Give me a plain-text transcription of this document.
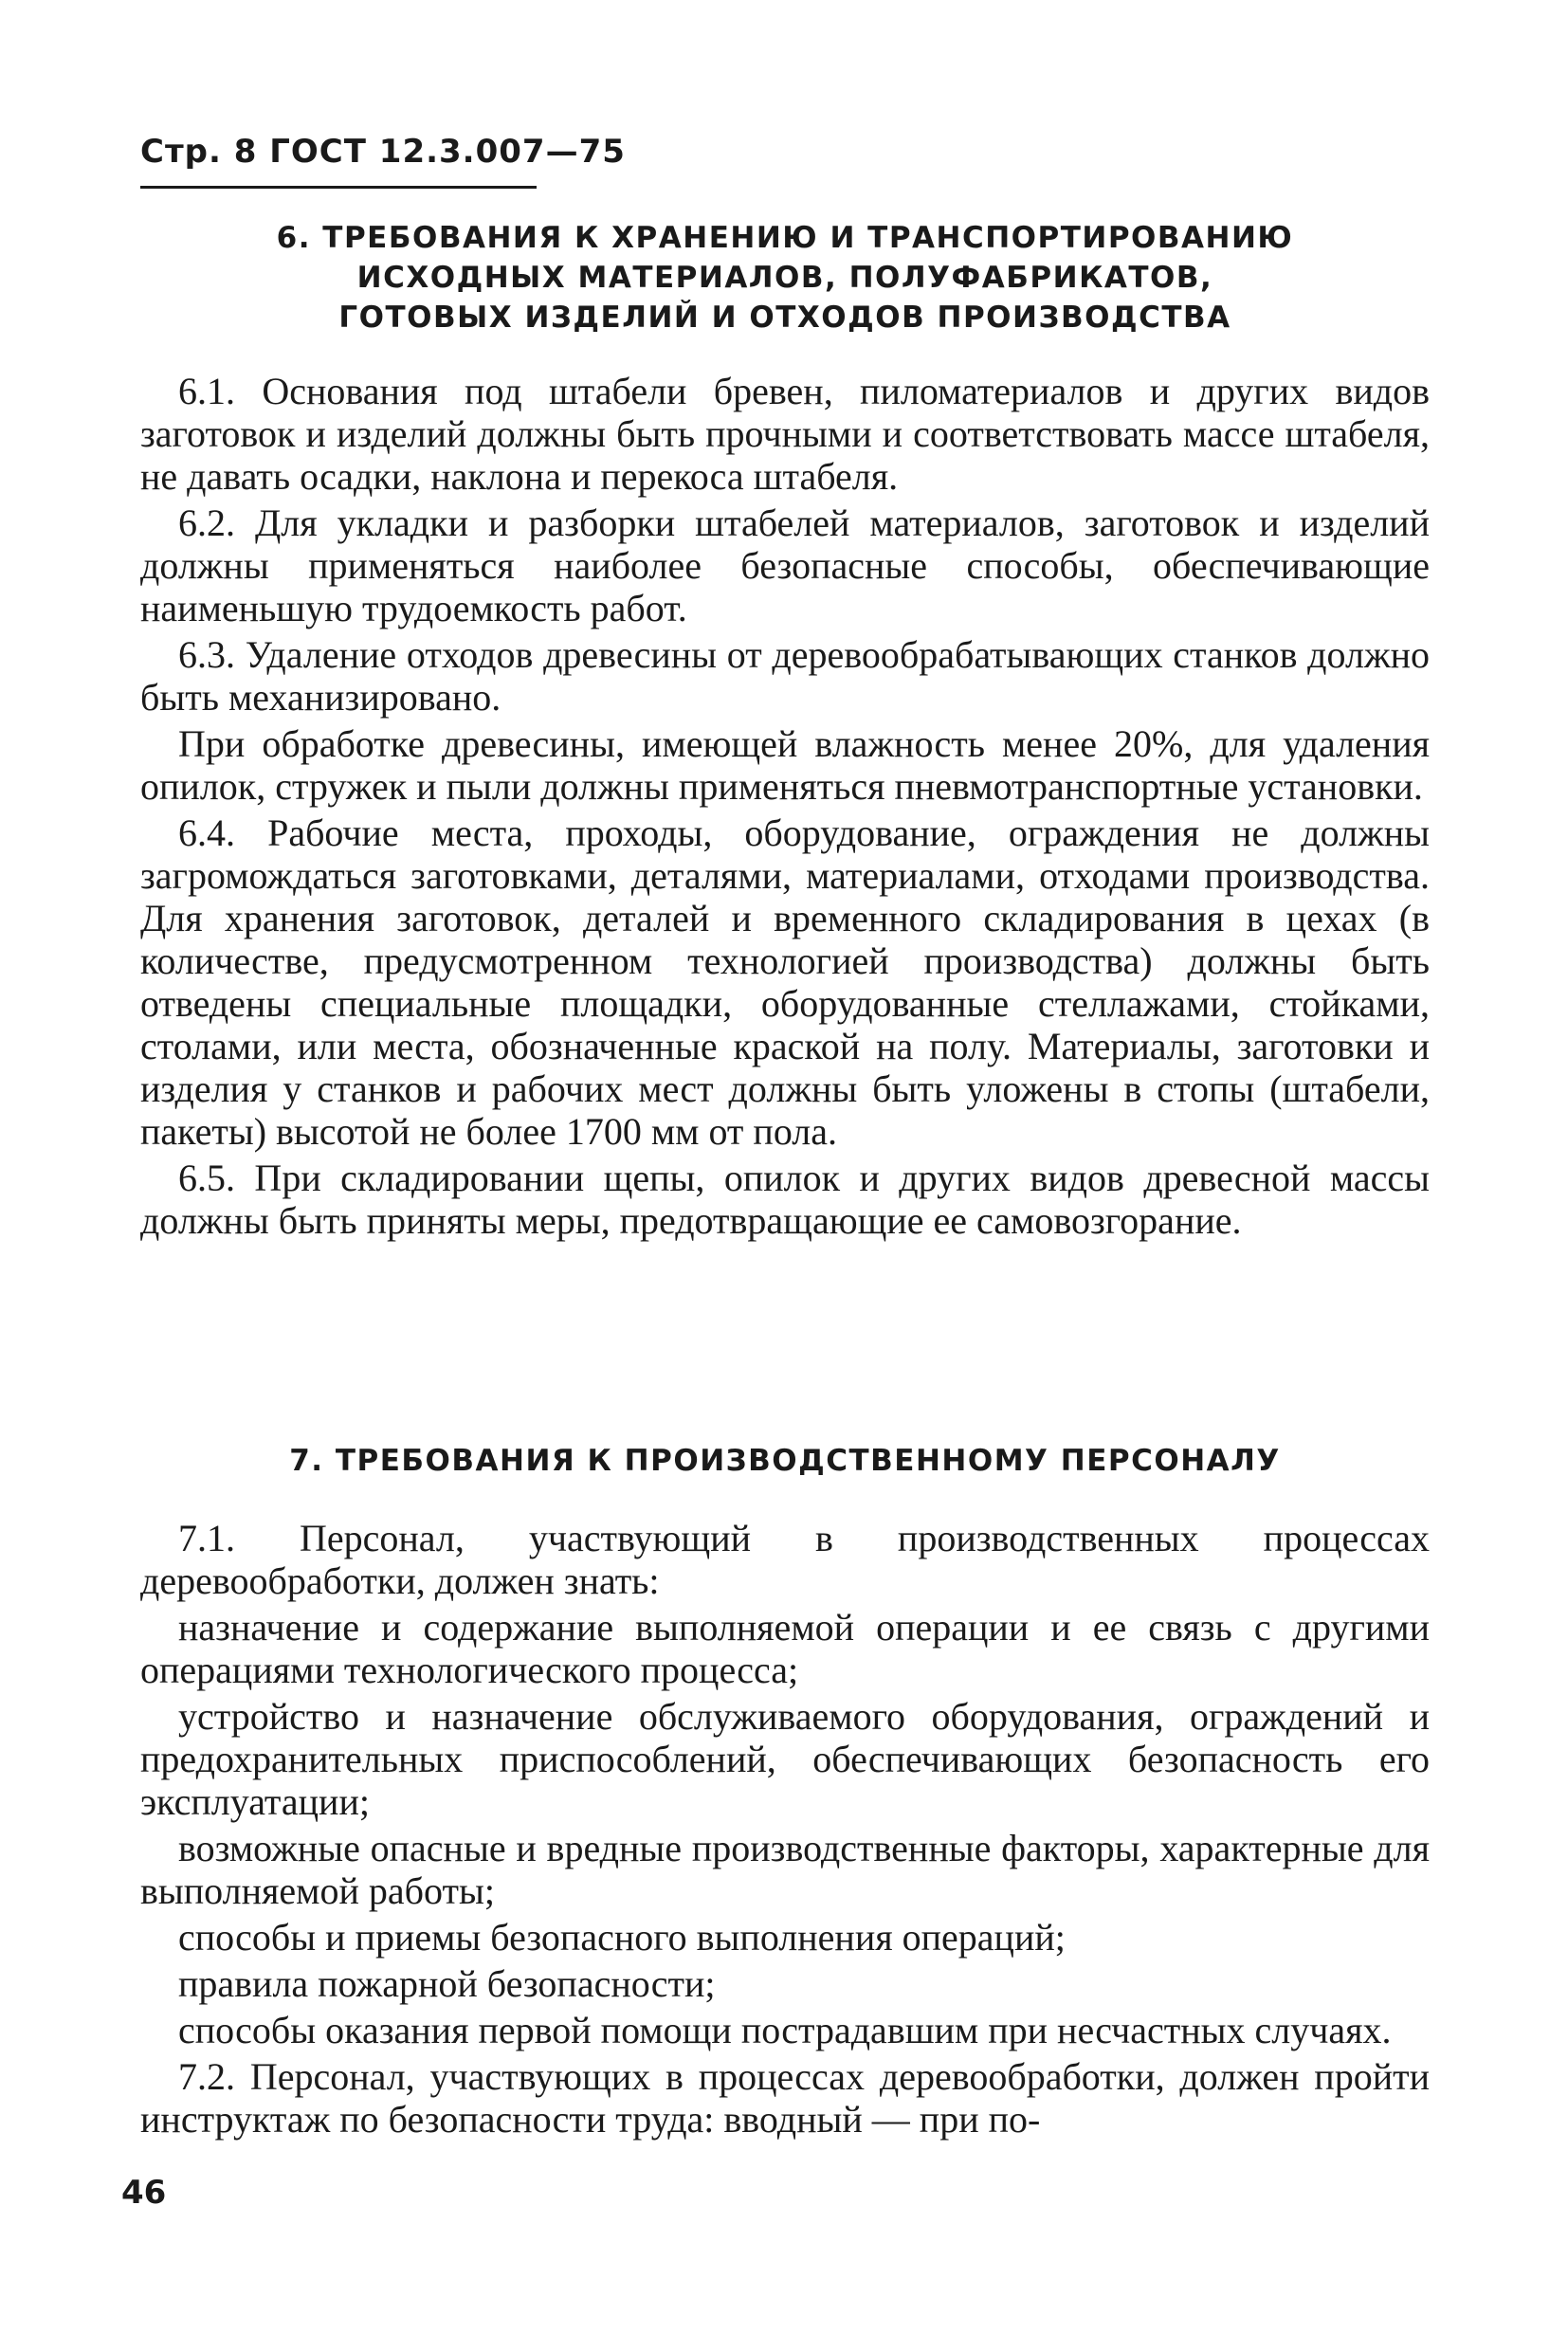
Стр. 8 ГОСТ 12.3.007—75
6. ТРЕБОВАНИЯ К ХРАНЕНИЮ И ТРАНСПОРТИРОВАНИЮ
ИСХОДНЫХ МАТЕРИАЛОВ, ПОЛУФАБРИКАТОВ,
ГОТОВЫХ ИЗДЕЛИЙ И ОТХОДОВ ПРОИЗВОДСТВА

6.1. Основания под штабели бревен, пиломатериалов и других видов заготовок и изделий должны быть прочными и соответствовать массе штабеля, не давать осадки, наклона и перекоса штабеля.

6.2. Для укладки и разборки штабелей материалов, заготовок и изделий должны применяться наиболее безопасные способы, обеспечивающие наименьшую трудоемкость работ.

6.3. Удаление отходов древесины от деревообрабатывающих станков должно быть механизировано.

При обработке древесины, имеющей влажность менее 20%, для удаления опилок, стружек и пыли должны применяться пневмотранспортные установки.

6.4. Рабочие места, проходы, оборудование, ограждения не должны загромождаться заготовками, деталями, материалами, отходами производства. Для хранения заготовок, деталей и временного складирования в цехах (в количестве, предусмотренном технологией производства) должны быть отведены специальные площадки, оборудованные стеллажами, стойками, столами, или места, обозначенные краской на полу. Материалы, заготовки и изделия у станков и рабочих мест должны быть уложены в стопы (штабели, пакеты) высотой не более 1700 мм от пола.

6.5. При складировании щепы, опилок и других видов древесной массы должны быть приняты меры, предотвращающие ее самовозгорание.

7. ТРЕБОВАНИЯ К ПРОИЗВОДСТВЕННОМУ ПЕРСОНАЛУ

7.1. Персонал, участвующий в производственных процессах деревообработки, должен знать:

назначение и содержание выполняемой операции и ее связь с другими операциями технологического процесса;

устройство и назначение обслуживаемого оборудования, ограждений и предохранительных приспособлений, обеспечивающих безопасность его эксплуатации;

возможные опасные и вредные производственные факторы, характерные для выполняемой работы;

способы и приемы безопасного выполнения операций;

правила пожарной безопасности;

способы оказания первой помощи пострадавшим при несчастных случаях.

7.2. Персонал, участвующих в процессах деревообработки, должен пройти инструктаж по безопасности труда: вводный — при по-

46
